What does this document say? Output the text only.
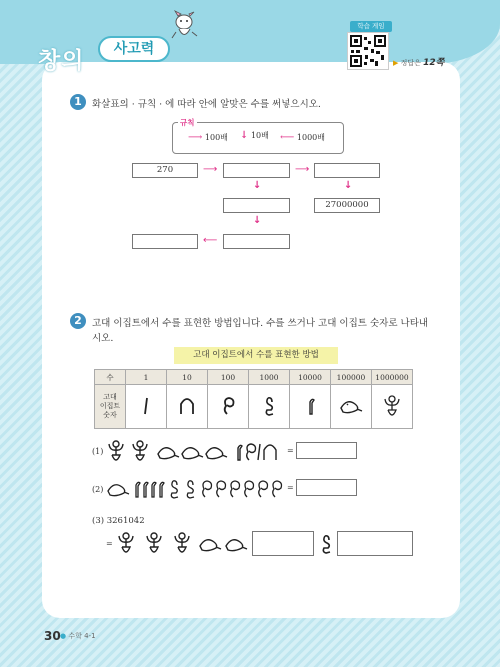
창의	사고력
학습 게임
▶ 정답은 12쪽
1	화살표의 · 규칙 · 에 따라 안에 알맞은 수를 써넣으시오.
규칙
⟶ 100배 ↓ 10배 ⟵ 1000배
270	⟶	⟶
↓	↓
27000000
↓
⟵
2	고대 이집트에서 수를 표현한 방법입니다. 수를 쓰거나 고대 이집트 숫자로 나타내
시오.
고대 이집트에서 수를 표현한 방법
수	1	10	100	1000	10000	100000	1000000
고대
이집트
숫자							
(1)	=
(2)	=
(3) 3261042
=
30 ● 수학 4-1
